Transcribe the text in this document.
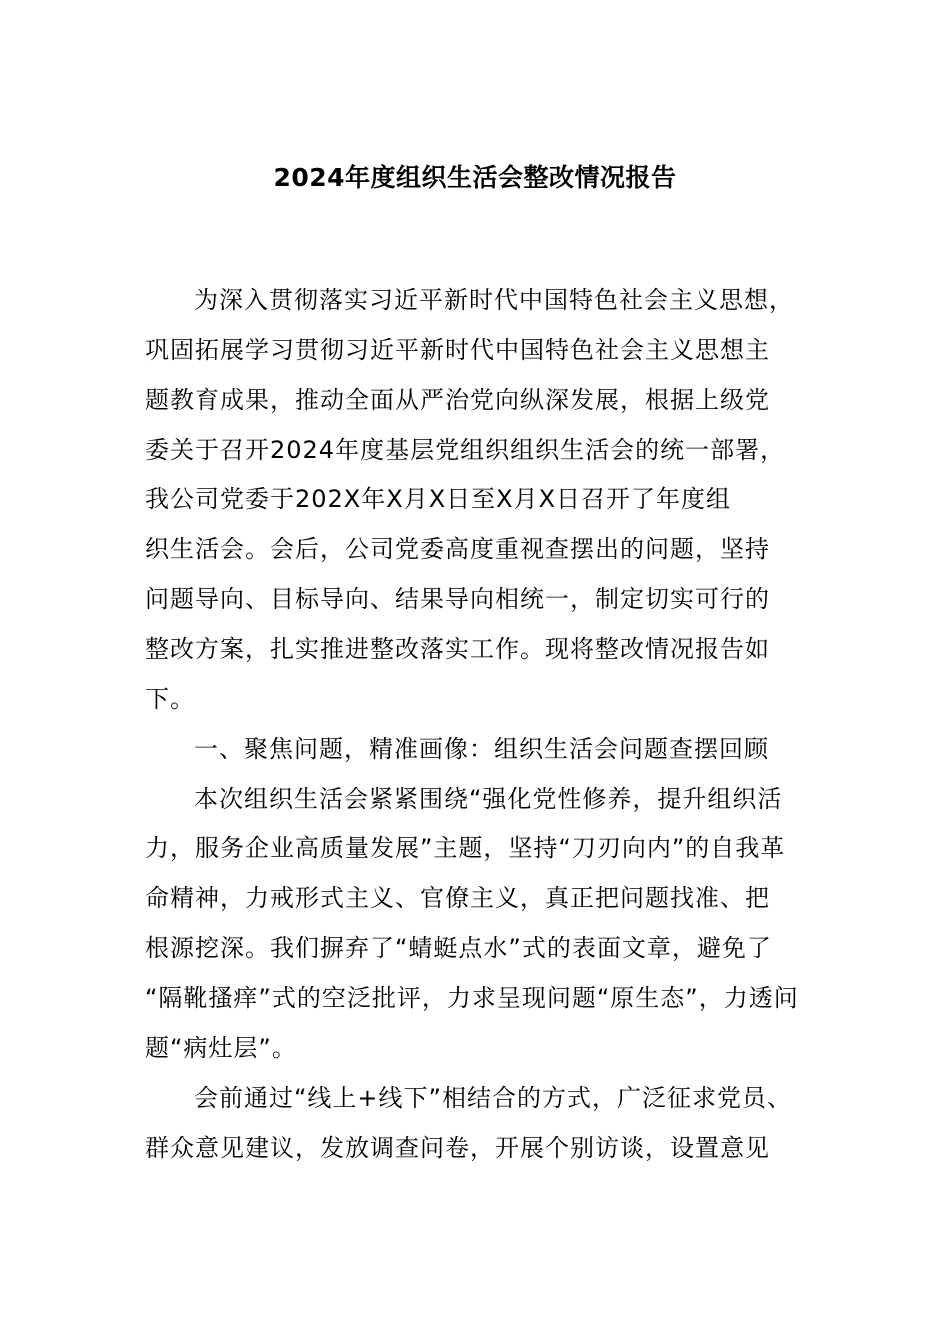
2024年度组织生活会整改情况报告
为深入贯彻落实习近平新时代中国特色社会主义思想，
巩固拓展学习贯彻习近平新时代中国特色社会主义思想主
题教育成果，推动全面从严治党向纵深发展，根据上级党
委关于召开2024年度基层党组织组织生活会的统一部署，
我公司党委于202X年X月X日至X月X日召开了年度组
织生活会。会后，公司党委高度重视查摆出的问题，坚持
问题导向、目标导向、结果导向相统一，制定切实可行的
整改方案，扎实推进整改落实工作。现将整改情况报告如
下。
一、聚焦问题，精准画像：组织生活会问题查摆回顾
本次组织生活会紧紧围绕“强化党性修养，提升组织活
力，服务企业高质量发展”主题，坚持“刀刃向内”的自我革
命精神，力戒形式主义、官僚主义，真正把问题找准、把
根源挖深。我们摒弃了“蜻蜓点水”式的表面文章，避免了
“隔靴搔痒”式的空泛批评，力求呈现问题“原生态”，力透问
题“病灶层”。
会前通过“线上+线下”相结合的方式，广泛征求党员、
群众意见建议，发放调查问卷，开展个别访谈，设置意见
